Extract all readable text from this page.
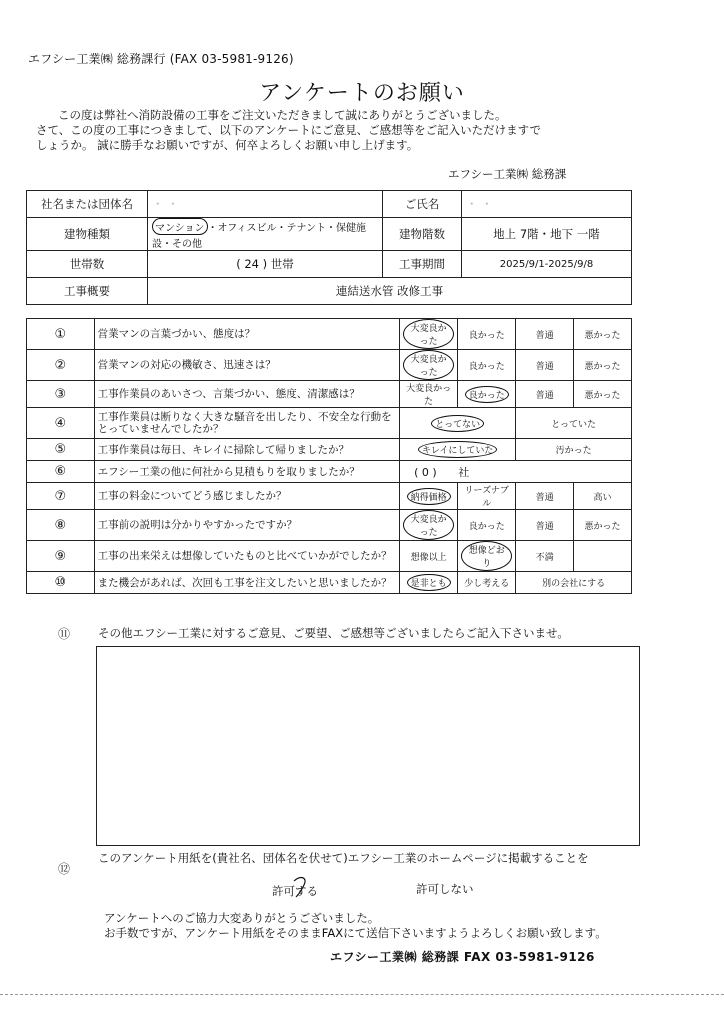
エフシー工業㈱ 総務課行 (FAX 03-5981-9126)
アンケートのお願い
この度は弊社へ消防設備の工事をご注文いただきまして誠にありがとうございました。
さて、この度の工事につきまして、以下のアンケートにご意見、ご感想等をご記入いただけますで
しょうか。 誠に勝手なお願いですが、何卒よろしくお願い申し上げます。
エフシー工業㈱ 総務課
社名または団体名	・ ・	ご氏名	・ ・
建物種類	マンション ・オフィスビル・テナント・保健施設・その他	建物階数	地上 7階・地下 一階
世帯数	( 24 ) 世帯	工事期間	2025/9/1-2025/9/8
工事概要	連結送水管 改修工事		
①	営業マンの言葉づかい、態度は？	大変良かった	良かった	普通	悪かった
②	営業マンの対応の機敏さ、迅速さは？	大変良かった	良かった	普通	悪かった
③	工事作業員のあいさつ、言葉づかい、態度、清潔感は？	大変良かった	良かった	普通	悪かった
④	工事作業員は断りなく大きな騒音を出したり、不安全な行動をとっていませんでしたか？	とってない		とっていた	
⑤	工事作業員は毎日、キレイに掃除して帰りましたか？	キレイにしていた		汚かった	
⑥	エフシー工業の他に何社から見積もりを取りましたか？	( 0 ) 社			
⑦	工事の料金についてどう感じましたか？	納得価格	リーズナブル	普通	高い
⑧	工事前の説明は分かりやすかったですか？	大変良かった	良かった	普通	悪かった
⑨	工事の出来栄えは想像していたものと比べていかがでしたか？	想像以上	想像どおり	不満	
⑩	また機会があれば、次回も工事を注文したいと思いましたか？	是非とも	少し考える	別の会社にする	
⑪ その他エフシー工業に対するご意見、ご要望、ご感想等ございましたらご記入下さいませ。
⑫
このアンケート用紙を(貴社名、団体名を伏せて)エフシー工業のホームページに掲載することを
許可する	許可しない
アンケートへのご協力大変ありがとうございました。
お手数ですが、アンケート用紙をそのままFAXにて送信下さいますようよろしくお願い致します。
エフシー工業㈱ 総務課 FAX 03-5981-9126
